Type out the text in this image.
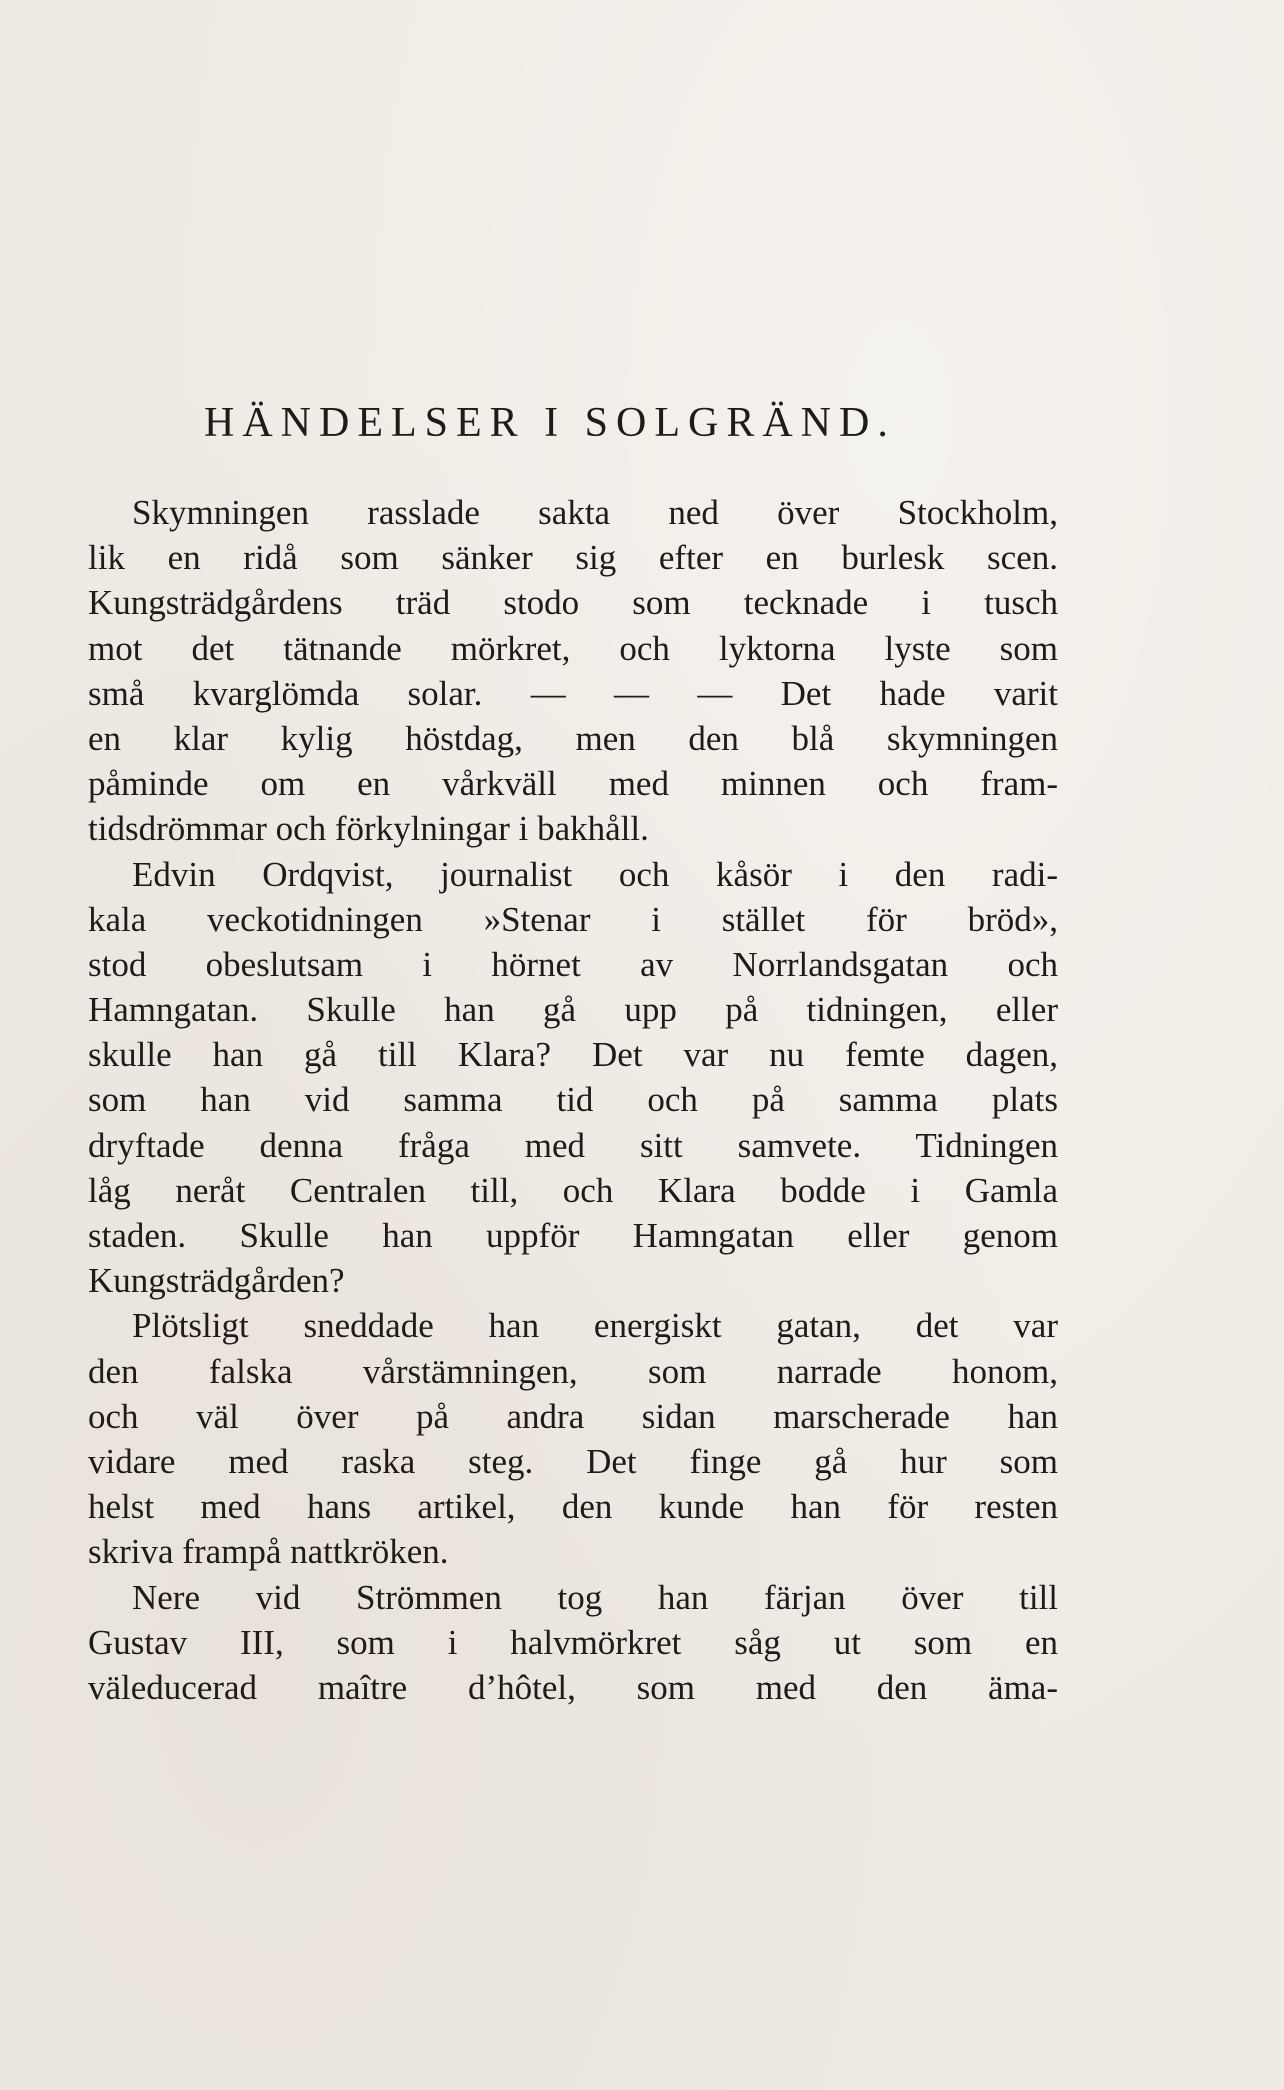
HÄNDELSER I SOLGRÄND.
Skymningen rasslade sakta ned över Stockholm,
lik en ridå som sänker sig efter en burlesk scen.
Kungsträdgårdens träd stodo som tecknade i tusch
mot det tätnande mörkret, och lyktorna lyste som
små kvarglömda solar. — — — Det hade varit
en klar kylig höstdag, men den blå skymningen
påminde om en vårkväll med minnen och fram-
tidsdrömmar och förkylningar i bakhåll.
Edvin Ordqvist, journalist och kåsör i den radi-
kala veckotidningen »Stenar i stället för bröd»,
stod obeslutsam i hörnet av Norrlandsgatan och
Hamngatan. Skulle han gå upp på tidningen, eller
skulle han gå till Klara? Det var nu femte dagen,
som han vid samma tid och på samma plats
dryftade denna fråga med sitt samvete. Tidningen
låg neråt Centralen till, och Klara bodde i Gamla
staden. Skulle han uppför Hamngatan eller genom
Kungsträdgården?
Plötsligt sneddade han energiskt gatan, det var
den falska vårstämningen, som narrade honom,
och väl över på andra sidan marscherade han
vidare med raska steg. Det finge gå hur som
helst med hans artikel, den kunde han för resten
skriva frampå nattkröken.
Nere vid Strömmen tog han färjan över till
Gustav III, som i halvmörkret såg ut som en
väleducerad maître d’hôtel, som med den äma-
